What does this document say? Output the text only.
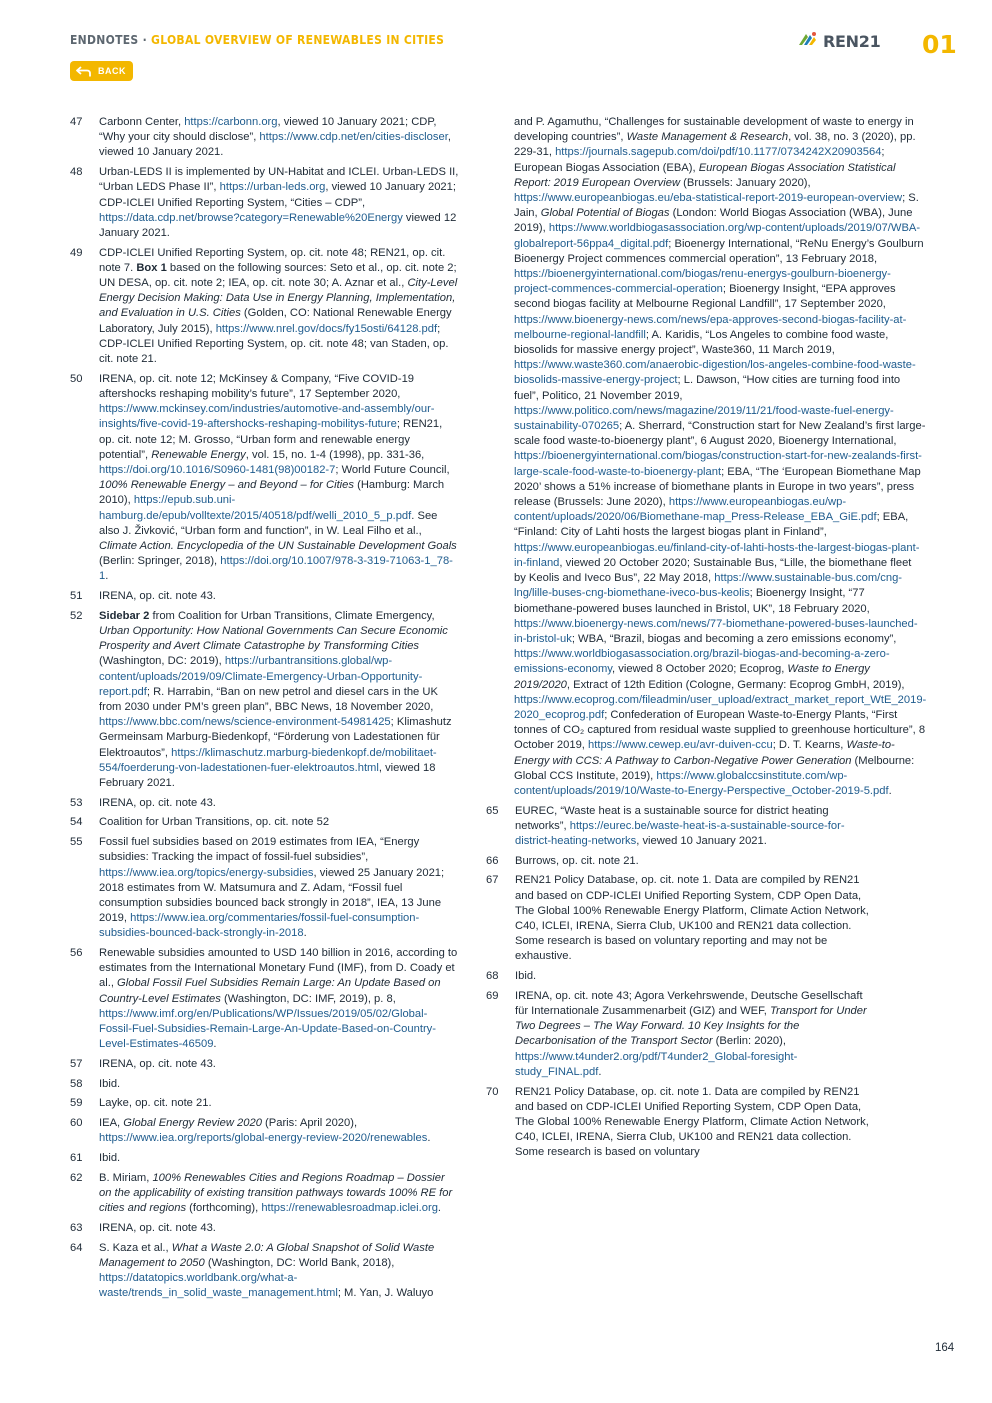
ENDNOTES · GLOBAL OVERVIEW OF RENEWABLES IN CITIES
BACK
REN21 01
47	Carbonn Center, https://carbonn.org, viewed 10 January 2021; CDP, “Why your city should disclose”, https://www.cdp.net/en/cities-discloser, viewed 10 January 2021.
48	Urban-LEDS II is implemented by UN-Habitat and ICLEI. Urban-LEDS II, “Urban LEDS Phase II”, https://urban-leds.org, viewed 10 January 2021; CDP-ICLEI Unified Reporting System, “Cities – CDP”, https://data.cdp.net/browse?category=Renewable%20Energy viewed 12 January 2021.
49	CDP-ICLEI Unified Reporting System, op. cit. note 48; REN21, op. cit. note 7. Box 1 based on the following sources: Seto et al., op. cit. note 2; UN DESA, op. cit. note 2; IEA, op. cit. note 30; A. Aznar et al., City-Level Energy Decision Making: Data Use in Energy Planning, Implementation, and Evaluation in U.S. Cities (Golden, CO: National Renewable Energy Laboratory, July 2015), https://www.nrel.gov/docs/fy15osti/64128.pdf; CDP-ICLEI Unified Reporting System, op. cit. note 48; van Staden, op. cit. note 21.
50	IRENA, op. cit. note 12; McKinsey & Company, “Five COVID-19 aftershocks reshaping mobility’s future”, 17 September 2020, https://www.mckinsey.com/industries/automotive-and-assembly/our-insights/five-covid-19-aftershocks-reshaping-mobilitys-future; REN21, op. cit. note 12; M. Grosso, “Urban form and renewable energy potential”, Renewable Energy, vol. 15, no. 1-4 (1998), pp. 331-36, https://doi.org/10.1016/S0960-1481(98)00182-7; World Future Council, 100% Renewable Energy – and Beyond – for Cities (Hamburg: March 2010), https://epub.sub.uni-hamburg.de/epub/volltexte/2015/40518/pdf/welli_2010_5_p.pdf. See also J. Živković, “Urban form and function”, in W. Leal Filho et al., Climate Action. Encyclopedia of the UN Sustainable Development Goals (Berlin: Springer, 2018), https://doi.org/10.1007/978-3-319-71063-1_78-1.
51	IRENA, op. cit. note 43.
52	Sidebar 2 from Coalition for Urban Transitions, Climate Emergency, Urban Opportunity: How National Governments Can Secure Economic Prosperity and Avert Climate Catastrophe by Transforming Cities (Washington, DC: 2019), https://urbantransitions.global/wp-content/uploads/2019/09/Climate-Emergency-Urban-Opportunity-report.pdf; R. Harrabin, “Ban on new petrol and diesel cars in the UK from 2030 under PM’s green plan”, BBC News, 18 November 2020, https://www.bbc.com/news/science-environment-54981425; Klimashutz Germeinsam Marburg-Biedenkopf, “Förderung von Ladestationen für Elektroautos”, https://klimaschutz.marburg-biedenkopf.de/mobilitaet-554/foerderung-von-ladestationen-fuer-elektroautos.html, viewed 18 February 2021.
53	IRENA, op. cit. note 43.
54	Coalition for Urban Transitions, op. cit. note 52
55	Fossil fuel subsidies based on 2019 estimates from IEA, “Energy subsidies: Tracking the impact of fossil-fuel subsidies”, https://www.iea.org/topics/energy-subsidies, viewed 25 January 2021; 2018 estimates from W. Matsumura and Z. Adam, “Fossil fuel consumption subsidies bounced back strongly in 2018”, IEA, 13 June 2019, https://www.iea.org/commentaries/fossil-fuel-consumption-subsidies-bounced-back-strongly-in-2018.
56	Renewable subsidies amounted to USD 140 billion in 2016, according to estimates from the International Monetary Fund (IMF), from D. Coady et al., Global Fossil Fuel Subsidies Remain Large: An Update Based on Country-Level Estimates (Washington, DC: IMF, 2019), p. 8, https://www.imf.org/en/Publications/WP/Issues/2019/05/02/Global-Fossil-Fuel-Subsidies-Remain-Large-An-Update-Based-on-Country-Level-Estimates-46509.
57	IRENA, op. cit. note 43.
58	Ibid.
59	Layke, op. cit. note 21.
60	IEA, Global Energy Review 2020 (Paris: April 2020), https://www.iea.org/reports/global-energy-review-2020/renewables.
61	Ibid.
62	B. Miriam, 100% Renewables Cities and Regions Roadmap – Dossier on the applicability of existing transition pathways towards 100% RE for cities and regions (forthcoming), https://renewablesroadmap.iclei.org.
63	IRENA, op. cit. note 43.
64	S. Kaza et al., What a Waste 2.0: A Global Snapshot of Solid Waste Management to 2050 (Washington, DC: World Bank, 2018), https://datatopics.worldbank.org/what-a-waste/trends_in_solid_waste_management.html; M. Yan, J. Waluyo
and P. Agamuthu, “Challenges for sustainable development of waste to energy in developing countries”, Waste Management & Research, vol. 38, no. 3 (2020), pp. 229-31, https://journals.sagepub.com/doi/pdf/10.1177/0734242X20903564; European Biogas Association (EBA), European Biogas Association Statistical Report: 2019 European Overview (Brussels: January 2020), https://www.europeanbiogas.eu/eba-statistical-report-2019-european-overview; S. Jain, Global Potential of Biogas (London: World Biogas Association (WBA), June 2019), https://www.worldbiogasassociation.org/wp-content/uploads/2019/07/WBA-globalreport-56ppa4_digital.pdf; Bioenergy International, “ReNu Energy’s Goulburn Bioenergy Project commences commercial operation”, 13 February 2018, https://bioenergyinternational.com/biogas/renu-energys-goulburn-bioenergy-project-commences-commercial-operation; Bioenergy Insight, “EPA approves second biogas facility at Melbourne Regional Landfill”, 17 September 2020, https://www.bioenergy-news.com/news/epa-approves-second-biogas-facility-at-melbourne-regional-landfill; A. Karidis, “Los Angeles to combine food waste, biosolids for massive energy project”, Waste360, 11 March 2019, https://www.waste360.com/anaerobic-digestion/los-angeles-combine-food-waste-biosolids-massive-energy-project; L. Dawson, “How cities are turning food into fuel”, Politico, 21 November 2019, https://www.politico.com/news/magazine/2019/11/21/food-waste-fuel-energy-sustainability-070265; A. Sherrard, “Construction start for New Zealand’s first large-scale food waste-to-bioenergy plant”, 6 August 2020, Bioenergy International, https://bioenergyinternational.com/biogas/construction-start-for-new-zealands-first-large-scale-food-waste-to-bioenergy-plant; EBA, “The ‘European Biomethane Map 2020’ shows a 51% increase of biomethane plants in Europe in two years”, press release (Brussels: June 2020), https://www.europeanbiogas.eu/wp-content/uploads/2020/06/Biomethane-map_Press-Release_EBA_GiE.pdf; EBA, “Finland: City of Lahti hosts the largest biogas plant in Finland”, https://www.europeanbiogas.eu/finland-city-of-lahti-hosts-the-largest-biogas-plant-in-finland, viewed 20 October 2020; Sustainable Bus, “Lille, the biomethane fleet by Keolis and Iveco Bus”, 22 May 2018, https://www.sustainable-bus.com/cng-lng/lille-buses-cng-biomethane-iveco-bus-keolis; Bioenergy Insight, “77 biomethane-powered buses launched in Bristol, UK”, 18 February 2020, https://www.bioenergy-news.com/news/77-biomethane-powered-buses-launched-in-bristol-uk; WBA, “Brazil, biogas and becoming a zero emissions economy”, https://www.worldbiogasassociation.org/brazil-biogas-and-becoming-a-zero-emissions-economy, viewed 8 October 2020; Ecoprog, Waste to Energy 2019/2020, Extract of 12th Edition (Cologne, Germany: Ecoprog GmbH, 2019), https://www.ecoprog.com/fileadmin/user_upload/extract_market_report_WtE_2019-2020_ecoprog.pdf; Confederation of European Waste-to-Energy Plants, “First tonnes of CO₂ captured from residual waste supplied to greenhouse horticulture”, 8 October 2019, https://www.cewep.eu/avr-duiven-ccu; D. T. Kearns, Waste-to-Energy with CCS: A Pathway to Carbon-Negative Power Generation (Melbourne: Global CCS Institute, 2019), https://www.globalccsinstitute.com/wp-content/uploads/2019/10/Waste-to-Energy-Perspective_October-2019-5.pdf.
65	EUREC, “Waste heat is a sustainable source for district heating networks”, https://eurec.be/waste-heat-is-a-sustainable-source-for-district-heating-networks, viewed 10 January 2021.
66	Burrows, op. cit. note 21.
67	REN21 Policy Database, op. cit. note 1. Data are compiled by REN21 and based on CDP-ICLEI Unified Reporting System, CDP Open Data, The Global 100% Renewable Energy Platform, Climate Action Network, C40, ICLEI, IRENA, Sierra Club, UK100 and REN21 data collection. Some research is based on voluntary reporting and may not be exhaustive.
68	Ibid.
69	IRENA, op. cit. note 43; Agora Verkehrswende, Deutsche Gesellschaft für Internationale Zusammenarbeit (GIZ) and WEF, Transport for Under Two Degrees – The Way Forward. 10 Key Insights for the Decarbonisation of the Transport Sector (Berlin: 2020), https://www.t4under2.org/pdf/T4under2_Global-foresight-study_FINAL.pdf.
70	REN21 Policy Database, op. cit. note 1. Data are compiled by REN21 and based on CDP-ICLEI Unified Reporting System, CDP Open Data, The Global 100% Renewable Energy Platform, Climate Action Network, C40, ICLEI, IRENA, Sierra Club, UK100 and REN21 data collection. Some research is based on voluntary
164
